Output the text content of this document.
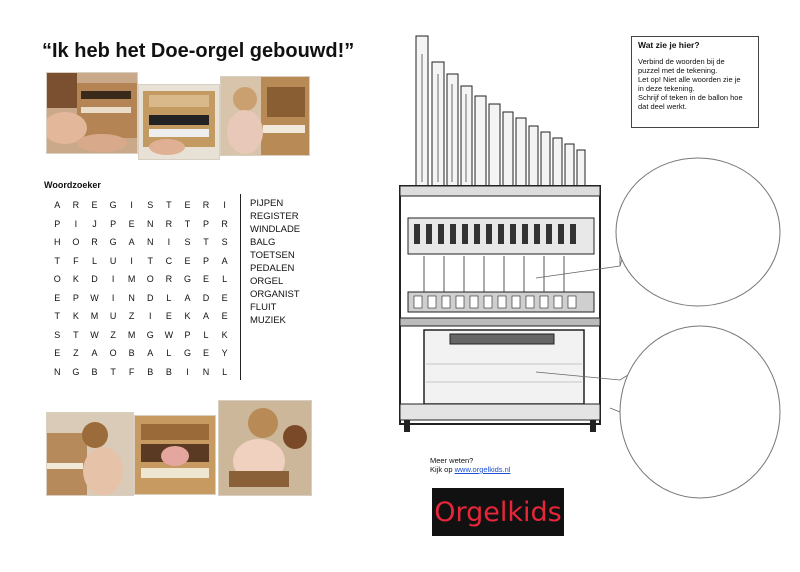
“Ik heb het Doe-orgel gebouwd!”
Woordzoeker
A	R	E	G	I	S	T	E	R	I
P	I	J	P	E	N	R	T	P	R
H	O	R	G	A	N	I	S	T	S
T	F	L	U	I	T	C	E	P	A
O	K	D	I	M	O	R	G	E	L
E	P	W	I	N	D	L	A	D	E
T	K	M	U	Z	I	E	K	A	E
S	T	W	Z	M	G	W	P	L	K
E	Z	A	O	B	A	L	G	E	Y
N	G	B	T	F	B	B	I	N	L
PIJPEN
REGISTER
WINDLADE
BALG
TOETSEN
PEDALEN
ORGEL
ORGANIST
FLUIT
MUZIEK
Wat zie je hier?
Verbind de woorden bij de
puzzel met de tekening.
Let op! Niet alle woorden zie je
in deze tekening.
Schrijf of teken in de ballon hoe
dat deel werkt.
Meer weten?
Kijk op www.orgelkids.nl
Orgelkids
